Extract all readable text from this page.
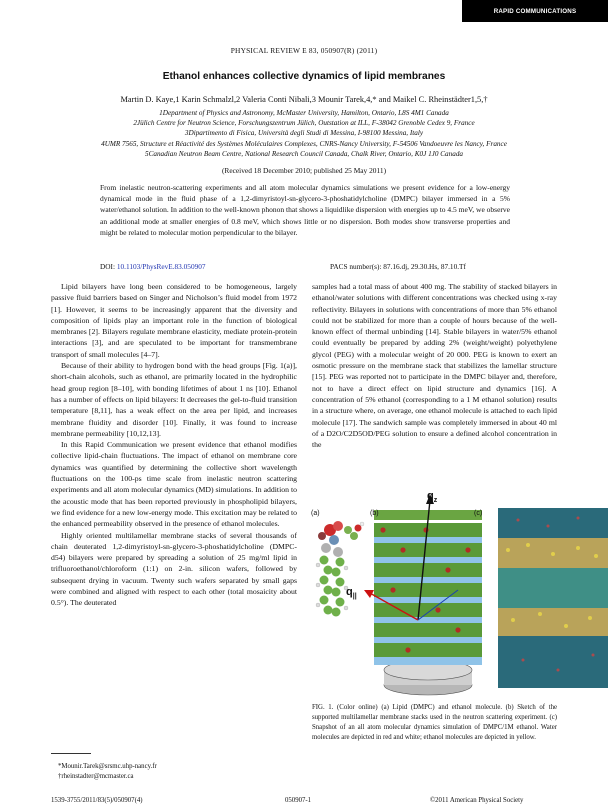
RAPID COMMUNICATIONS
PHYSICAL REVIEW E 83, 050907(R) (2011)
Ethanol enhances collective dynamics of lipid membranes
Martin D. Kaye,1 Karin Schmalzl,2 Valeria Conti Nibali,3 Mounir Tarek,4,* and Maikel C. Rheinstädter1,5,†
1Department of Physics and Astronomy, McMaster University, Hamilton, Ontario, L8S 4M1 Canada
2Jülich Centre for Neutron Science, Forschungszentrum Jülich, Outstation at ILL, F-38042 Grenoble Cedex 9, France
3Dipartimento di Fisica, Università degli Studi di Messina, I-98100 Messina, Italy
4UMR 7565, Structure et Réactivité des Systèmes Moléculaires Complexes, CNRS-Nancy University, F-54506 Vandoeuvre les Nancy, France
5Canadian Neutron Beam Centre, National Research Council Canada, Chalk River, Ontario, K0J 1J0 Canada
(Received 18 December 2010; published 25 May 2011)
From inelastic neutron-scattering experiments and all atom molecular dynamics simulations we present evidence for a low-energy dynamical mode in the fluid phase of a 1,2-dimyristoyl-sn-glycero-3-phoshatidylcholine (DMPC) bilayer immersed in a 5% water/ethanol solution. In addition to the well-known phonon that shows a liquidlike dispersion with energies up to 4.5 meV, we observe an additional mode at smaller energies of 0.8 meV, which shows little or no dispersion. Both modes show transverse properties and might be related to molecular motion perpendicular to the bilayer.
DOI: 10.1103/PhysRevE.83.050907	PACS number(s): 87.16.dj, 29.30.Hs, 87.10.Tf

Lipid bilayers have long been considered to be homogeneous, largely passive fluid barriers based on Singer and Nicholson’s fluid model from 1972 [1]. However, it seems to be increasingly apparent that the diversity and composition of lipids play an important role in the function of biological membranes [2]. Bilayers regulate membrane elasticity, mediate protein-protein interactions [3], and are speculated to be important for transmembrane transport of small molecules [4–7].

Because of their ability to hydrogen bond with the head groups [Fig. 1(a)], short-chain alcohols, such as ethanol, are primarily located in the hydrophilic head group region [8–10], with bonding lifetimes of about 1 ns [10]. Ethanol has a number of effects on lipid bilayers: It decreases the gel-to-fluid transition temperature [8,11], has a weak effect on the area per lipid, and increases membrane fluidity and disorder [10]. Finally, it was found to increase membrane permeability [10,12,13].

In this Rapid Communication we present evidence that ethanol modifies collective lipid-chain fluctuations. The impact of ethanol on membrane core dynamics was quantified by determining the collective short wavelength fluctuations on the 100-ps time scale from inelastic neutron scattering experiments and all atom molecular dynamics (MD) simulations. In addition to the acoustic mode that has been reported previously in phospholipid bilayers, we find evidence for a new low-energy mode. This excitation may be related to the enhanced permeability observed in the presence of ethanol molecules.

Highly oriented multilamellar membrane stacks of several thousands of chain deuterated 1,2-dimyristoyl-sn-glycero-3-phoshatidylcholine (DMPC-d54) bilayers were prepared by spreading a solution of 25 mg/ml lipid in trifluoroethanol/chloroform (1:1) on 2-in. silicon wafers, followed by subsequent drying in vacuum. Twenty such wafers separated by small gaps were combined and aligned with respect to each other (total mosaicity about 0.5°). The deuterated

samples had a total mass of about 400 mg. The stability of stacked bilayers in ethanol/water solutions with different concentrations was checked using x-ray reflectivity. Bilayers in solutions with concentrations of more than 5% ethanol could not be stabilized for more than a couple of hours because of the well-known effect of thermal unbinding [14]. Stable bilayers in water/5% ethanol could eventually be prepared by adding 2% (weight/weight) polyethylene glycol (PEG) with a molecular weight of 20 000. PEG is known to exert an osmotic pressure on the membrane stack that stabilizes the lamellar structure [15]. PEG was reported not to participate in the DMPC bilayer and, therefore, not to have a direct effect on lipid structure and dynamics [16]. A concentration of 5% ethanol (corresponding to a 1 M ethanol solution) results in a structure where, on average, one ethanol molecule is attached to each lipid molecule [17]. The sandwich sample was completely immersed in about 40 ml of a D2O/C2D5OD/PEG solution to ensure a defined alcohol concentration in the

(a)	(b)	(c)
$q_z$
$q_{||}$
FIG. 1. (Color online) (a) Lipid (DMPC) and ethanol molecule. (b) Sketch of the supported multilamellar membrane stacks used in the neutron scattering experiment. (c) Snapshot of an all atom molecular dynamics simulation of DMPC/1M ethanol. Water molecules are depicted in red and white; ethanol molecules are depicted in yellow.
*Mounir.Tarek@srsmc.uhp-nancy.fr
†rheinstadter@mcmaster.ca
1539-3755/2011/83(5)/050907(4)	050907-1	©2011 American Physical Society
